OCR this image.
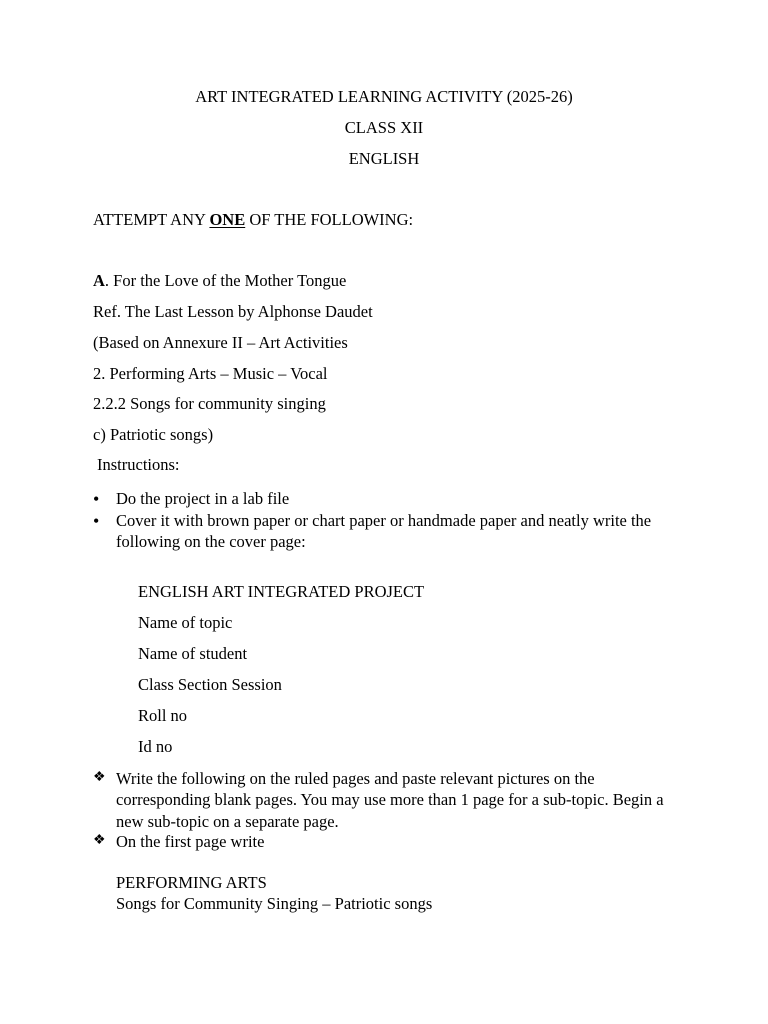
ART INTEGRATED LEARNING ACTIVITY (2025-26)
CLASS XII
ENGLISH
ATTEMPT ANY ONE OF THE FOLLOWING:
A. For the Love of the Mother Tongue
Ref. The Last Lesson by Alphonse Daudet
(Based on Annexure II – Art Activities
2. Performing Arts – Music – Vocal
2.2.2 Songs for community singing
c) Patriotic songs)
Instructions:
• Do the project in a lab file
• Cover it with brown paper or chart paper or handmade paper and neatly write the following on the cover page:
ENGLISH ART INTEGRATED PROJECT
Name of topic
Name of student
Class Section Session
Roll no
Id no
❖ Write the following on the ruled pages and paste relevant pictures on the corresponding blank pages. You may use more than 1 page for a sub-topic. Begin a new sub-topic on a separate page.
❖ On the first page write
PERFORMING ARTS
Songs for Community Singing – Patriotic songs
